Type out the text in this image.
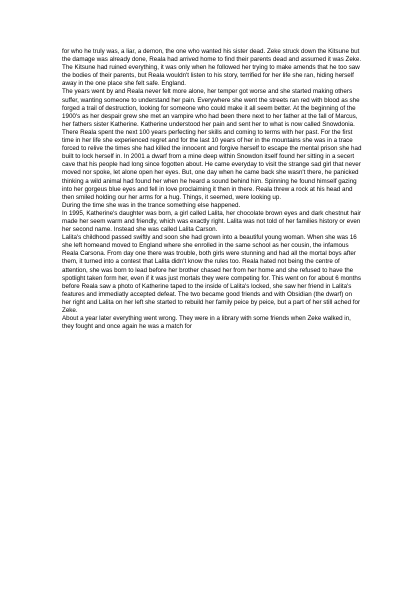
for who he truly was, a liar, a demon, the one who wanted his sister dead. Zeke struck down the Kitsune but the damage was already done, Reala had arrived home to find their parents dead and assumed it was Zeke. The Kitsune had ruined everything, it was only when he followed her trying to make amends that he too saw the bodies of their parents, but Reala wouldn't listen to his story, terrified for her life she ran, hiding herself away in the one place she felt safe. England.

The years went by and Reala never felt more alone, her temper got worse and she started making others suffer, wanting someone to understand her pain. Everywhere she went the streets ran red with blood as she forged a trail of destruction, looking for someone who could make it all seem better. At the beginning of the 1900's as her despair grew she met an vampire who had been there next to her father at the fall of Marcus, her fathers sister Katherine. Katherine understood her pain and sent her to what is now called Snowdonia. There Reala spent the next 100 years perfecting her skills and coming to terms with her past. For the first time in her life she experienced regret and for the last 10 years of her in the mountains she was in a trace forced to relive the times she had killed the innocent and forgive herself to escape the mental prison she had built to lock herself in. In 2001 a dwarf from a mine deep within Snowdon itself found her sitting in a secert cave that his people had long since fogotten about. He came everyday to visit the strange sad girl that never moved nor spoke, let alone open her eyes. But, one day when he came back she wasn't there, he panicked thinking a wild animal had found her when he heard a sound behind him. Spinning he found himself gazing into her gorgeus blue eyes and fell in love proclaiming it then in there. Reala threw a rock at his head and then smiled holding our her arms for a hug. Things, it seemed, were looking up.

During the time she was in the trance something else happened.

In 1995, Katherine's daughter was born, a girl called Lalita, her chocolate brown eyes and dark chestnut hair made her seem warm and friendly, which was exactly right. Lalita was not told of her families history or even her second name. Instead she was called Lalita Carson.

Lalita's childhood passed swiftly and soon she had grown into a beautiful young woman. When she was 16 she left homeand moved to England where she enrolled in the same school as her cousin, the infamous Reala Carsona. From day one there was trouble, both girls were stunning and had all the mortal boys after them, it turned into a contest that Lalita didn't know the rules too. Reala hated not being the centre of attention, she was born to lead before her brother chased her from her home and she refused to have the spotlight taken form her, even if it was just mortals they were competing for. This went on for about 6 months before Reala saw a photo of Katherine taped to the inside of Lalita's locked, she saw her friend in Lalita's features and immediatly accepted defeat. The two became good friends and with Obsidian (the dwarf) on her right and Lalita on her left she started to rebuild her family peice by peice, but a part of her still ached for Zeke.

About a year later everything went wrong. They were in a library with some friends when Zeke walked in, they fought and once again he was a match for
